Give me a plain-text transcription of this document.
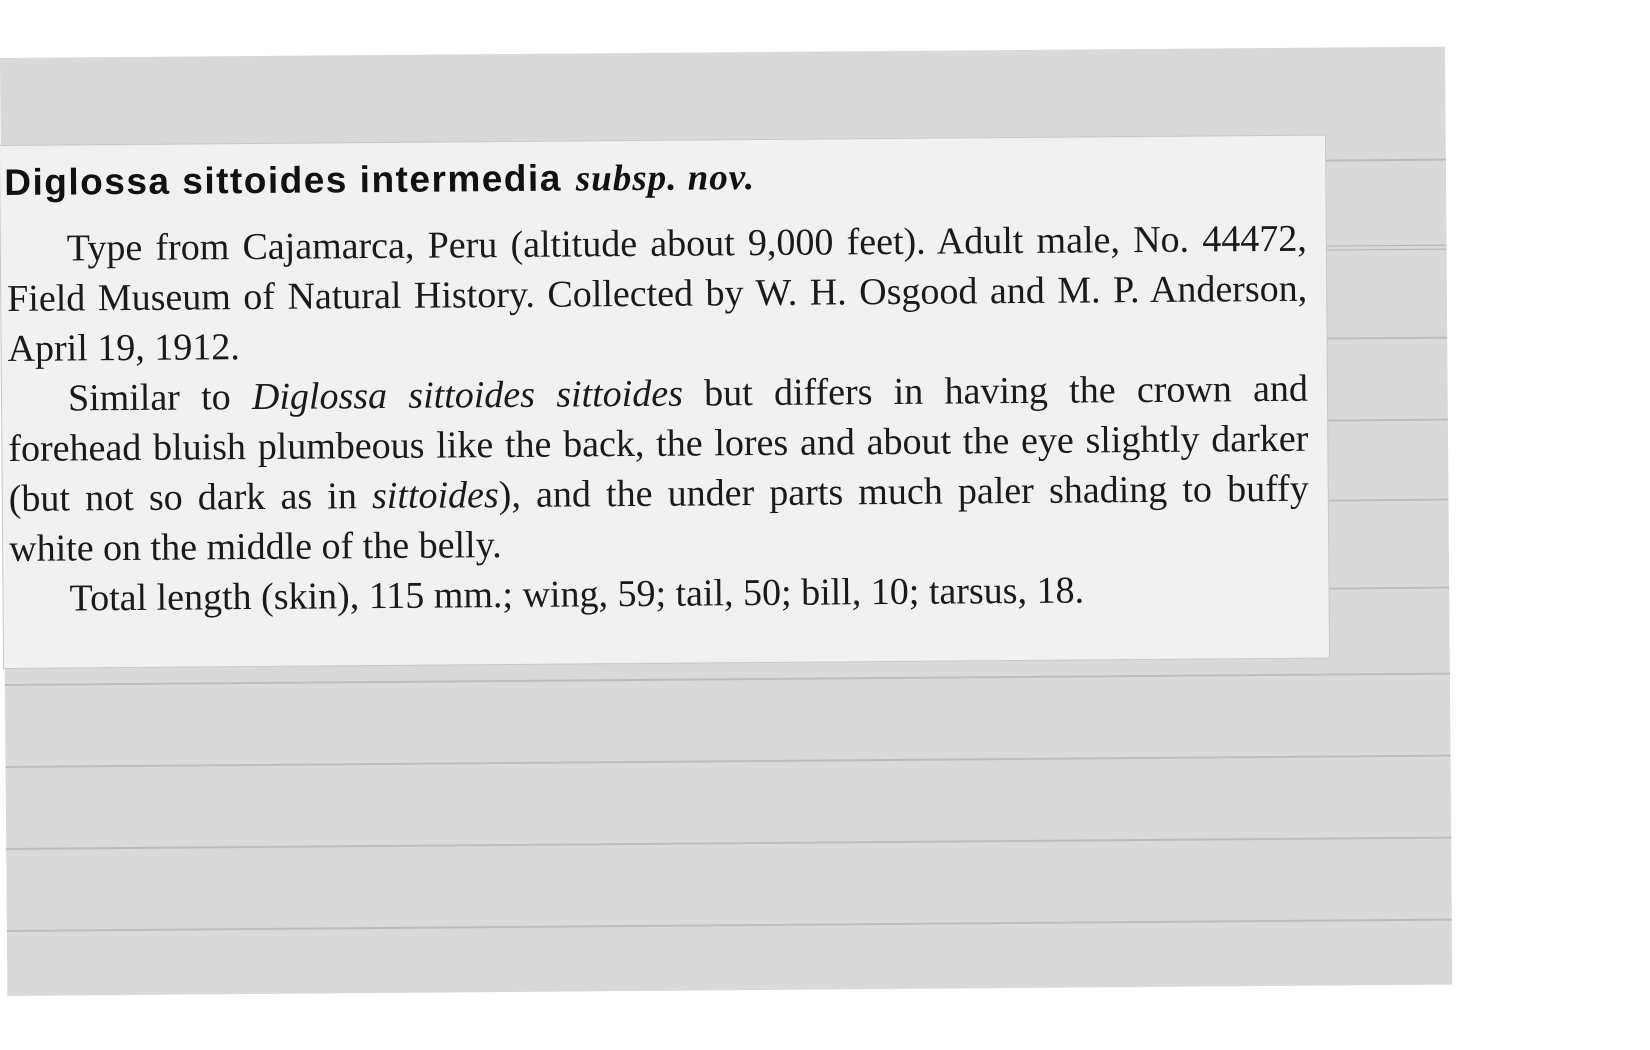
Diglossa sittoides intermedia subsp. nov.

Type from Cajamarca, Peru (altitude about 9,000 feet). Adult male, No. 44472, Field Museum of Natural History. Collected by W. H. Osgood and M. P. Anderson, April 19, 1912.

Similar to Diglossa sittoides sittoides but differs in having the crown and forehead bluish plumbeous like the back, the lores and about the eye slightly darker (but not so dark as in sittoides), and the under parts much paler shading to buffy white on the middle of the belly.

Total length (skin), 115 mm.; wing, 59; tail, 50; bill, 10; tarsus, 18.
